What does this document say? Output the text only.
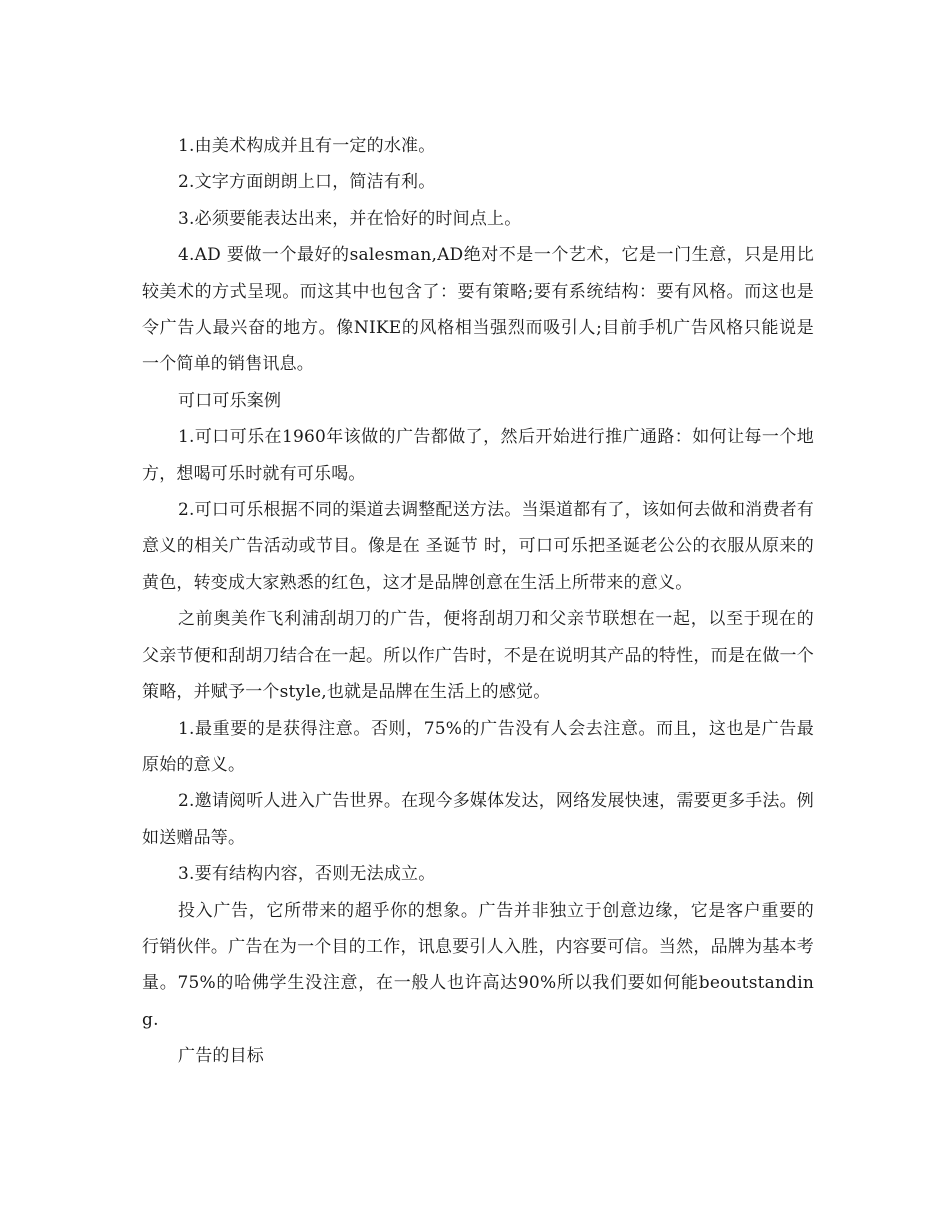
1.由美术构成并且有一定的水准。

2.文字方面朗朗上口，简洁有利。

3.必须要能表达出来，并在恰好的时间点上。

4.AD 要做一个最好的salesman,AD绝对不是一个艺术，它是一门生意，只是用比较美术的方式呈现。而这其中也包含了：要有策略;要有系统结构：要有风格。而这也是令广告人最兴奋的地方。像NIKE的风格相当强烈而吸引人;目前手机广告风格只能说是一个简单的销售讯息。

可口可乐案例

1.可口可乐在1960年该做的广告都做了，然后开始进行推广通路：如何让每一个地方，想喝可乐时就有可乐喝。

2.可口可乐根据不同的渠道去调整配送方法。当渠道都有了，该如何去做和消费者有意义的相关广告活动或节目。像是在 圣诞节 时，可口可乐把圣诞老公公的衣服从原来的黄色，转变成大家熟悉的红色，这才是品牌创意在生活上所带来的意义。

之前奥美作飞利浦刮胡刀的广告，便将刮胡刀和父亲节联想在一起，以至于现在的父亲节便和刮胡刀结合在一起。所以作广告时，不是在说明其产品的特性，而是在做一个策略，并赋予一个style,也就是品牌在生活上的感觉。

1.最重要的是获得注意。否则，75%的广告没有人会去注意。而且，这也是广告最原始的意义。

2.邀请阅听人进入广告世界。在现今多媒体发达，网络发展快速，需要更多手法。例如送赠品等。

3.要有结构内容，否则无法成立。

投入广告，它所带来的超乎你的想象。广告并非独立于创意边缘，它是客户重要的行销伙伴。广告在为一个目的工作，讯息要引人入胜，内容要可信。当然，品牌为基本考量。75%的哈佛学生没注意，在一般人也许高达90%所以我们要如何能beoutstanding.

广告的目标
